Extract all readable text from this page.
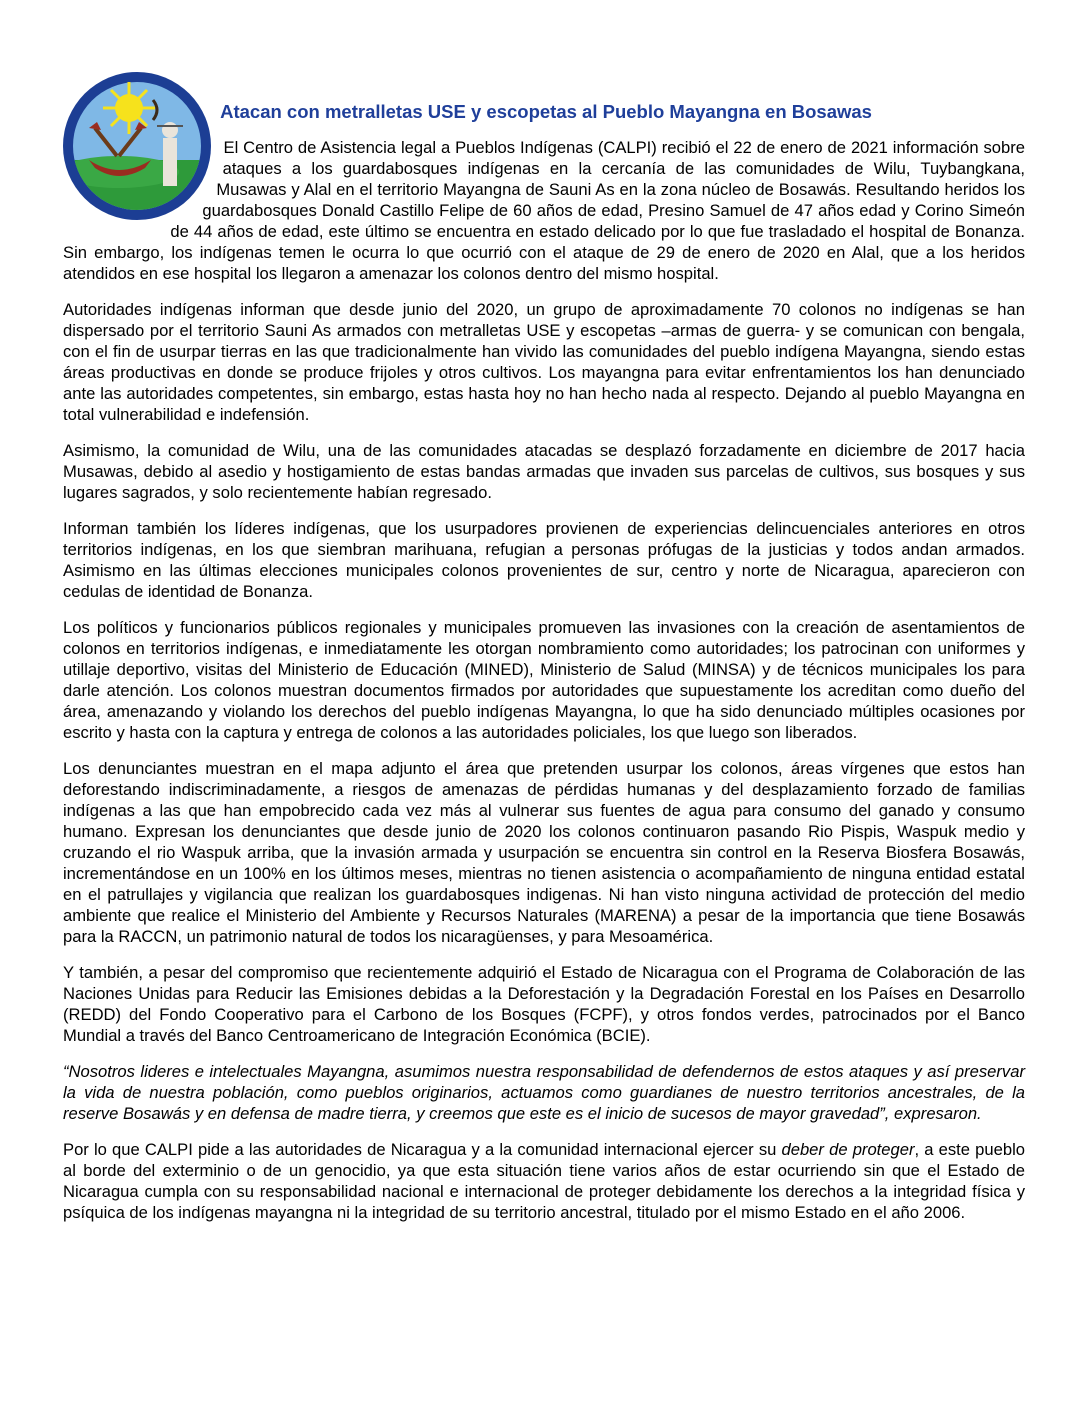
Atacan con metralletas USE y escopetas al Pueblo Mayangna en Bosawas

El Centro de Asistencia legal a Pueblos Indígenas (CALPI) recibió el 22 de enero de 2021 información sobre ataques a los guardabosques indígenas en la cercanía de las comunidades de Wilu, Tuybangkana, Musawas y Alal en el territorio Mayangna de Sauni As en la zona núcleo de Bosawás. Resultando heridos los guardabosques Donald Castillo Felipe de 60 años de edad, Presino Samuel de 47 años edad y Corino Simeón de 44 años de edad, este último se encuentra en estado delicado por lo que fue trasladado el hospital de Bonanza. Sin embargo, los indígenas temen le ocurra lo que ocurrió con el ataque de 29 de enero de 2020 en Alal, que a los heridos atendidos en ese hospital los llegaron a amenazar los colonos dentro del mismo hospital.

Autoridades indígenas informan que desde junio del 2020, un grupo de aproximadamente 70 colonos no indígenas se han dispersado por el territorio Sauni As armados con metralletas USE y escopetas –armas de guerra- y se comunican con bengala, con el fin de usurpar tierras en las que tradicionalmente han vivido las comunidades del pueblo indígena Mayangna, siendo estas áreas productivas en donde se produce frijoles y otros cultivos. Los mayangna para evitar enfrentamientos los han denunciado ante las autoridades competentes, sin embargo, estas hasta hoy no han hecho nada al respecto. Dejando al pueblo Mayangna en total vulnerabilidad e indefensión.

Asimismo, la comunidad de Wilu, una de las comunidades atacadas se desplazó forzadamente en diciembre de 2017 hacia Musawas, debido al asedio y hostigamiento de estas bandas armadas que invaden sus parcelas de cultivos, sus bosques y sus lugares sagrados, y solo recientemente habían regresado.

Informan también los líderes indígenas, que los usurpadores provienen de experiencias delincuenciales anteriores en otros territorios indígenas, en los que siembran marihuana, refugian a personas prófugas de la justicias y todos andan armados. Asimismo en las últimas elecciones municipales colonos provenientes de sur, centro y norte de Nicaragua, aparecieron con cedulas de identidad de Bonanza.

Los políticos y funcionarios públicos regionales y municipales promueven las invasiones con la creación de asentamientos de colonos en territorios indígenas, e inmediatamente les otorgan nombramiento como autoridades; los patrocinan con uniformes y utillaje deportivo, visitas del Ministerio de Educación (MINED), Ministerio de Salud (MINSA) y de técnicos municipales los para darle atención. Los colonos muestran documentos firmados por autoridades que supuestamente los acreditan como dueño del área, amenazando y violando los derechos del pueblo indígenas Mayangna, lo que ha sido denunciado múltiples ocasiones por escrito y hasta con la captura y entrega de colonos a las autoridades policiales, los que luego son liberados.

Los denunciantes muestran en el mapa adjunto el área que pretenden usurpar los colonos, áreas vírgenes que estos han deforestando indiscriminadamente, a riesgos de amenazas de pérdidas humanas y del desplazamiento forzado de familias indígenas a las que han empobrecido cada vez más al vulnerar sus fuentes de agua para consumo del ganado y consumo humano. Expresan los denunciantes que desde junio de 2020 los colonos continuaron pasando Rio Pispis, Waspuk medio y cruzando el rio Waspuk arriba, que la invasión armada y usurpación se encuentra sin control en la Reserva Biosfera Bosawás, incrementándose en un 100% en los últimos meses, mientras no tienen asistencia o acompañamiento de ninguna entidad estatal en el patrullajes y vigilancia que realizan los guardabosques indigenas. Ni han visto ninguna actividad de protección del medio ambiente que realice el Ministerio del Ambiente y Recursos Naturales (MARENA) a pesar de la importancia que tiene Bosawás para la RACCN, un patrimonio natural de todos los nicaragüenses, y para Mesoamérica.

Y también, a pesar del compromiso que recientemente adquirió el Estado de Nicaragua con el Programa de Colaboración de las Naciones Unidas para Reducir las Emisiones debidas a la Deforestación y la Degradación Forestal en los Países en Desarrollo (REDD) del Fondo Cooperativo para el Carbono de los Bosques (FCPF), y otros fondos verdes, patrocinados por el Banco Mundial a través del Banco Centroamericano de Integración Económica (BCIE).

“Nosotros lideres e intelectuales Mayangna, asumimos nuestra responsabilidad de defendernos de estos ataques y así preservar la vida de nuestra población, como pueblos originarios, actuamos como guardianes de nuestro territorios ancestrales, de la reserve Bosawás y en defensa de madre tierra, y creemos que este es el inicio de sucesos de mayor gravedad”, expresaron.

Por lo que CALPI pide a las autoridades de Nicaragua y a la comunidad internacional ejercer su deber de proteger, a este pueblo al borde del exterminio o de un genocidio, ya que esta situación tiene varios años de estar ocurriendo sin que el Estado de Nicaragua cumpla con su responsabilidad nacional e internacional de proteger debidamente los derechos a la integridad física y psíquica de los indígenas mayangna ni la integridad de su territorio ancestral, titulado por el mismo Estado en el año 2006.
